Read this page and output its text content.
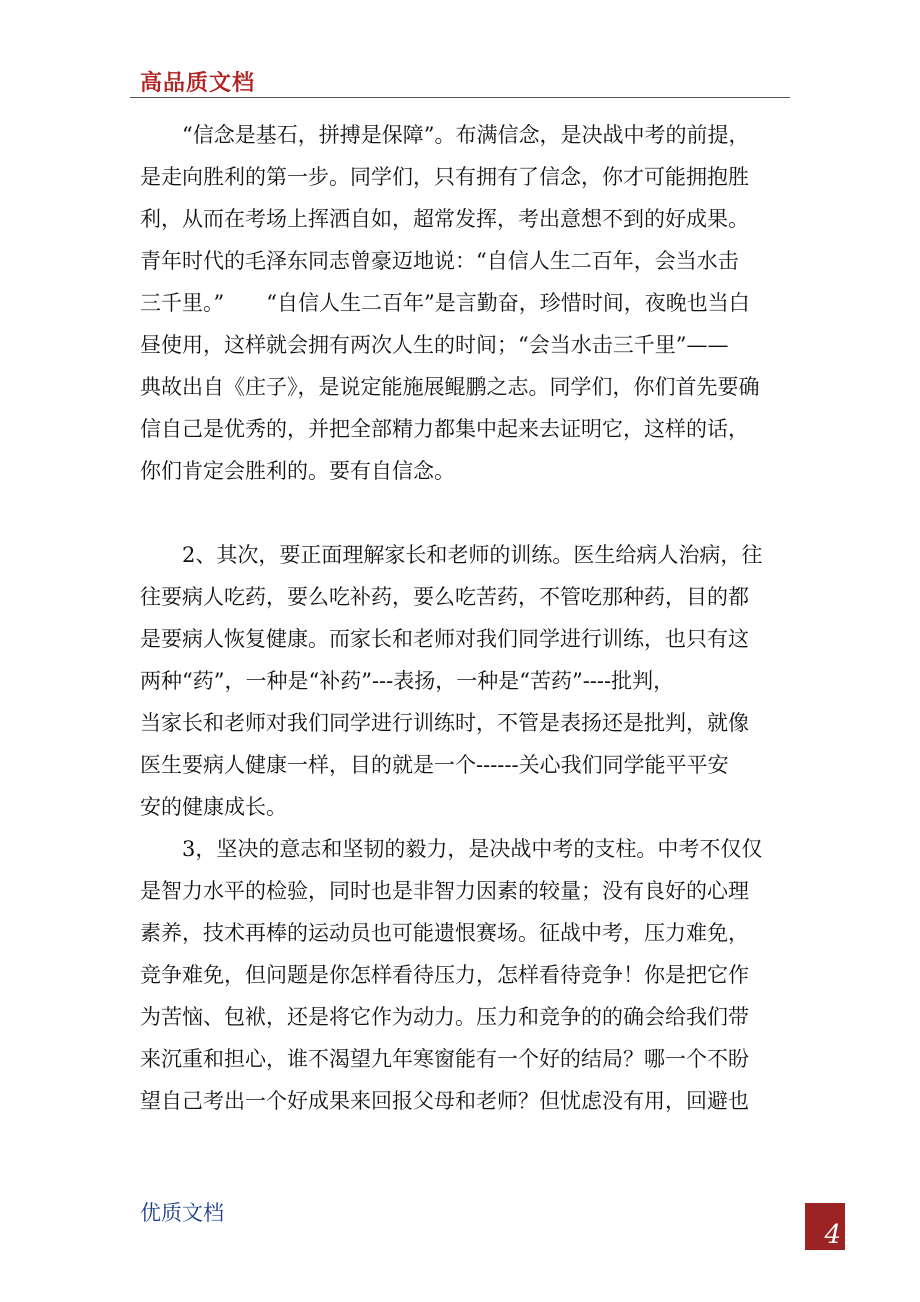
高品质文档
“信念是基石，拼搏是保障”。布满信念，是决战中考的前提，
是走向胜利的第一步。同学们，只有拥有了信念，你才可能拥抱胜
利，从而在考场上挥洒自如，超常发挥，考出意想不到的好成果。
青年时代的毛泽东同志曾豪迈地说：“自信人生二百年，会当水击
三千里。”　　“自信人生二百年”是言勤奋，珍惜时间，夜晚也当白
昼使用，这样就会拥有两次人生的时间；“会当水击三千里”——
典故出自《庄子》，是说定能施展鲲鹏之志。同学们，你们首先要确
信自己是优秀的，并把全部精力都集中起来去证明它，这样的话，
你们肯定会胜利的。要有自信念。
2、其次，要正面理解家长和老师的训练。医生给病人治病，往
往要病人吃药，要么吃补药，要么吃苦药，不管吃那种药，目的都
是要病人恢复健康。而家长和老师对我们同学进行训练，也只有这
两种“药”，一种是“补药”---表扬，一种是“苦药”----批判，
当家长和老师对我们同学进行训练时，不管是表扬还是批判，就像
医生要病人健康一样，目的就是一个------关心我们同学能平平安
安的健康成长。
3，坚决的意志和坚韧的毅力，是决战中考的支柱。中考不仅仅
是智力水平的检验，同时也是非智力因素的较量；没有良好的心理
素养，技术再棒的运动员也可能遗恨赛场。征战中考，压力难免，
竞争难免，但问题是你怎样看待压力，怎样看待竞争！你是把它作
为苦恼、包袱，还是将它作为动力。压力和竞争的的确会给我们带
来沉重和担心，谁不渴望九年寒窗能有一个好的结局？哪一个不盼
望自己考出一个好成果来回报父母和老师？但忧虑没有用，回避也
优质文档
4
